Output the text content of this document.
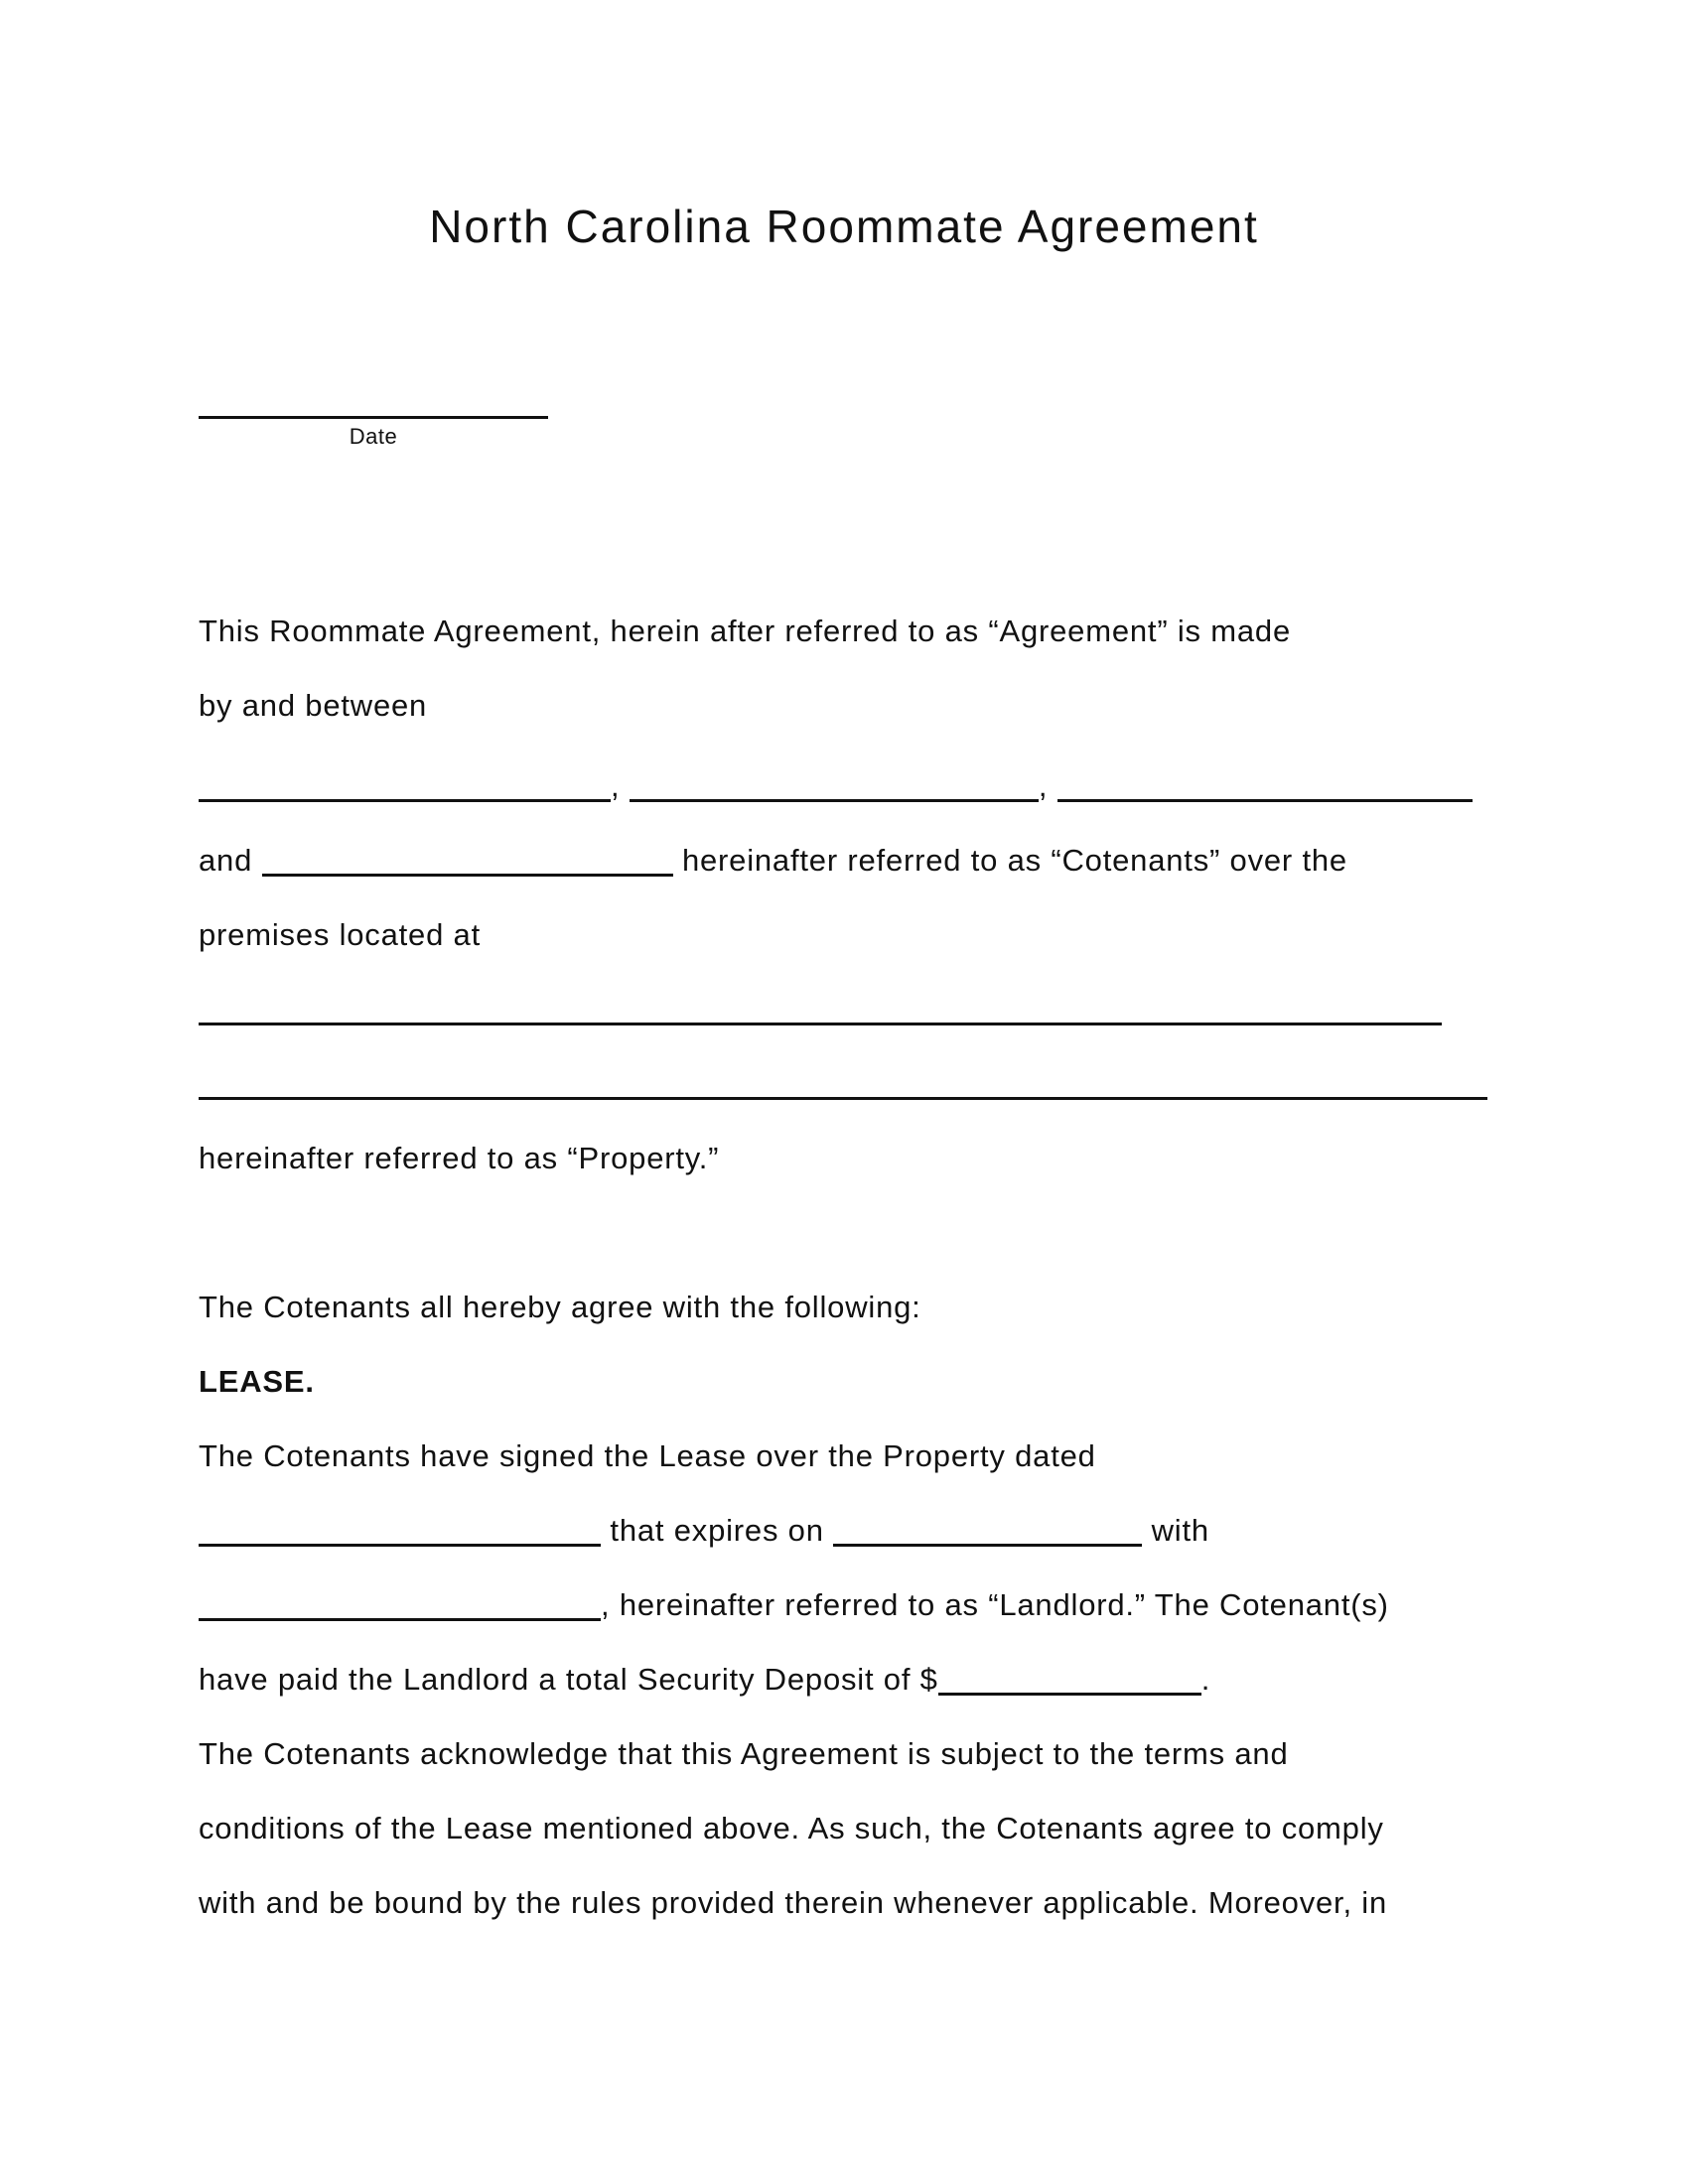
North Carolina Roommate Agreement
Date
This Roommate Agreement, herein after referred to as “Agreement” is made
by and between
,	,
and	hereinafter referred to as “Cotenants” over the
premises located at
hereinafter referred to as “Property.”
The Cotenants all hereby agree with the following:
LEASE.
The Cotenants have signed the Lease over the Property dated
that expires on	with
, hereinafter referred to as “Landlord.” The Cotenant(s)
have paid the Landlord a total Security Deposit of $	.
The Cotenants acknowledge that this Agreement is subject to the terms and
conditions of the Lease mentioned above. As such, the Cotenants agree to comply
with and be bound by the rules provided therein whenever applicable. Moreover, in
